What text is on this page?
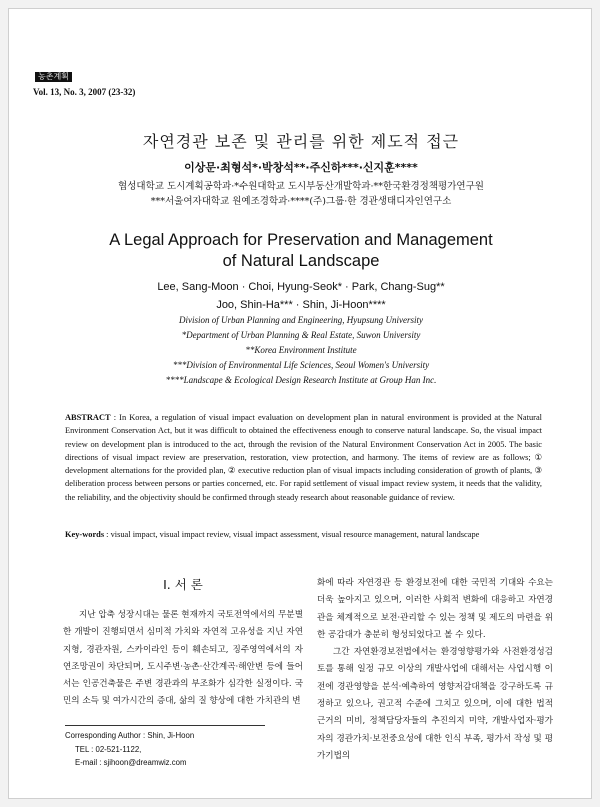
농촌계획
Vol. 13, No. 3, 2007 (23-32)
자연경관 보존 및 관리를 위한 제도적 접근
이상문·최형석*·박창석**·주신하***·신지훈****
협성대학교 도시계획공학과·*수원대학교 도시부동산개발학과·**한국환경정책평가연구원
***서울여자대학교 원예조경학과·****(주)그룹·한 경관생태디자인연구소
A Legal Approach for Preservation and Management
of Natural Landscape
Lee, Sang-Moon · Choi, Hyung-Seok* · Park, Chang-Sug**
Joo, Shin-Ha*** · Shin, Ji-Hoon****
Division of Urban Planning and Engineering, Hyupsung University
*Department of Urban Planning & Real Estate, Suwon University
**Korea Environment Institute
***Division of Environmental Life Sciences, Seoul Women's University
****Landscape & Ecological Design Research Institute at Group Han Inc.
ABSTRACT : In Korea, a regulation of visual impact evaluation on development plan in natural environment is provided at the Natural Environment Conservation Act, but it was difficult to obtained the effectiveness enough to conserve natural landscape. So, the visual impact review on development plan is introduced to the act, through the revision of the Natural Environment Conservation Act in 2005. The basic directions of visual impact review are preservation, restoration, view protection, and harmony. The items of review are as follows; ① development alternations for the provided plan, ② executive reduction plan of visual impacts including consideration of growth of plants, ③ deliberation process between persons or parties concerned, etc. For rapid settlement of visual impact review system, it needs that the validity, the reliability, and the objectivity should be confirmed through steady research about reasonable guidance of review.
Key-words : visual impact, visual impact review, visual impact assessment, visual resource management, natural landscape
Ⅰ. 서 론

지난 압축 성장시대는 물론 현재까지 국토전역에서의 무분별한 개발이 진행되면서 심미적 가치와 자연적 고유성을 지닌 자연지형, 경관자원, 스카이라인 등이 훼손되고, 징주영역에서의 자연조망권이 차단되며, 도시주변·농촌·산간계곡·해안변 등에 들어서는 인공건축물은 주변 경관과의 부조화가 심각한 실정이다. 국민의 소득 및 여가시간의 증대, 삶의 질 향상에 대한 가치관의 변

화에 따라 자연경관 등 환경보전에 대한 국민적 기대와 수요는 더욱 높아지고 있으며, 이러한 사회적 변화에 대응하고 자연경관을 체계적으로 보전·관리할 수 있는 정책 및 제도의 마련을 위한 공감대가 충분히 형성되었다고 볼 수 있다.

그간 자연환경보전법에서는 환경영향평가와 사전환경성검토를 통해 일정 규모 이상의 개발사업에 대해서는 사업시행 이전에 경관영향을 분석·예측하여 영향저감대책을 강구하도록 규정하고 있으나, 권고적 수준에 그치고 있으며, 이에 대한 법적 근거의 미비, 정책담당자들의 추진의지 미약, 개발사업자·평가자의 경관가치·보전중요성에 대한 인식 부족, 평가서 작성 및 평가기법의

Corresponding Author : Shin, Ji-Hoon
TEL : 02-521-1122,
E-mail : sjihoon@dreamwiz.com
